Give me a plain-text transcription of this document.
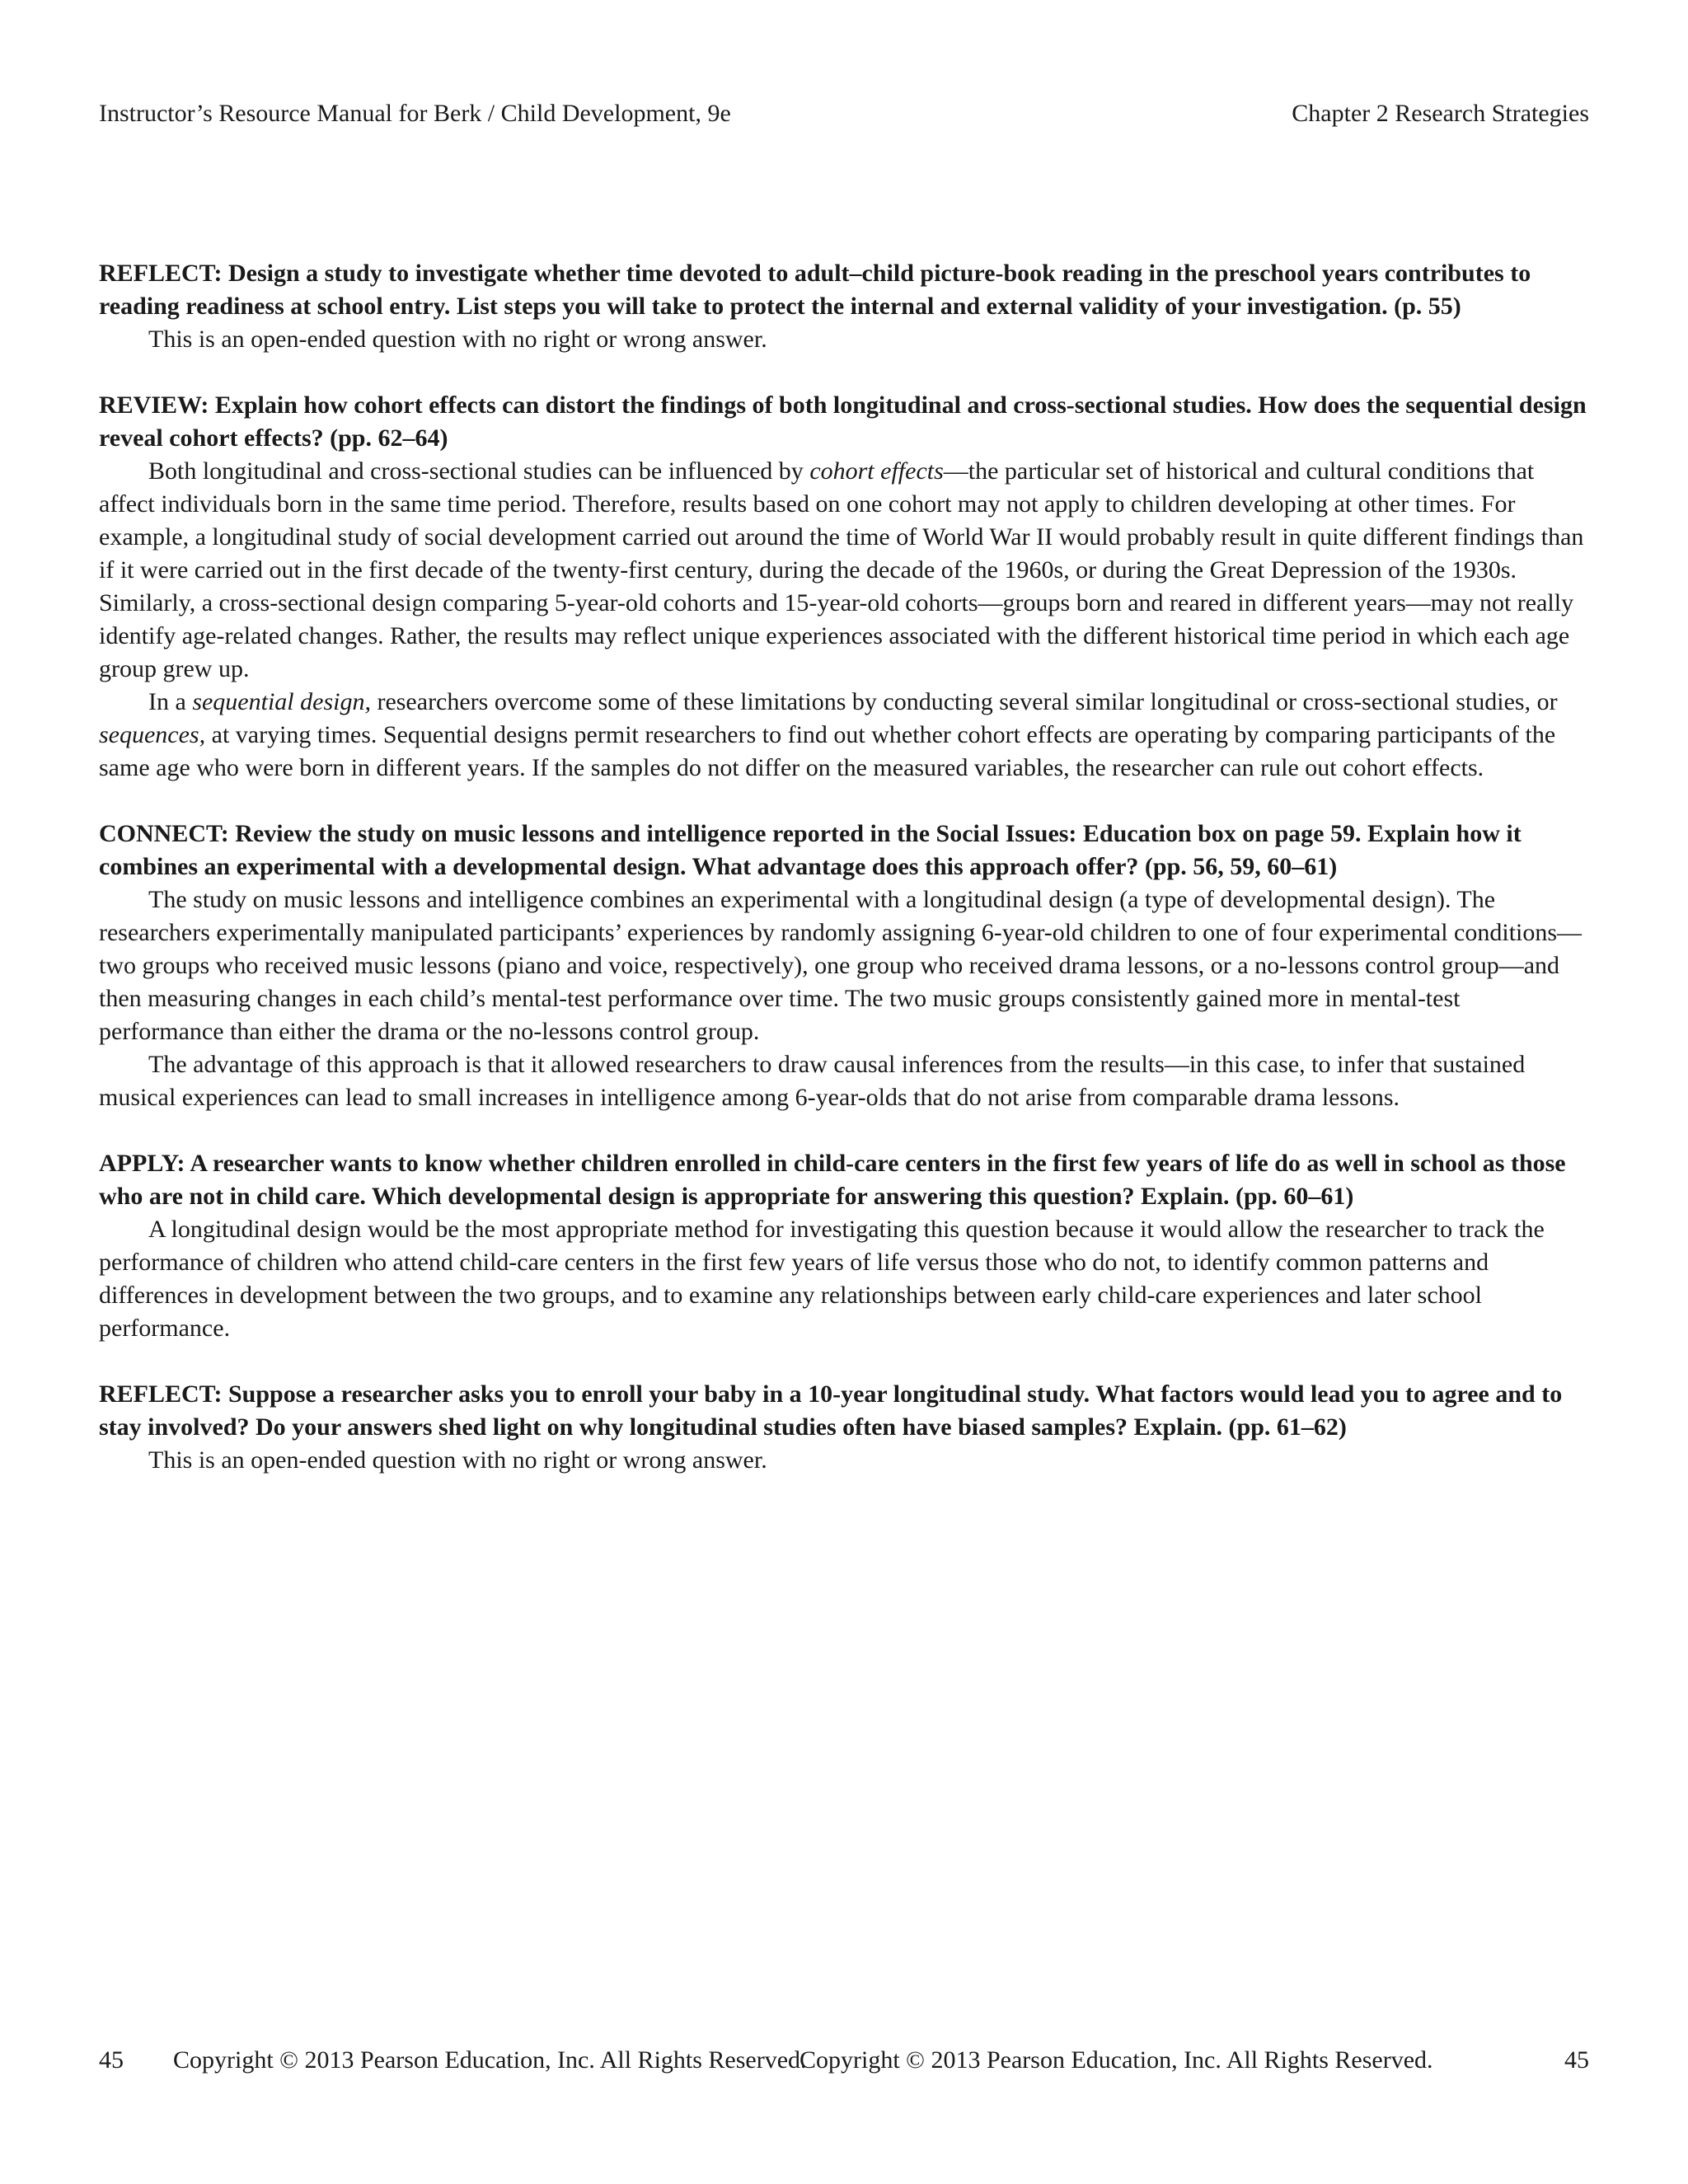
Instructor’s Resource Manual for Berk / Child Development, 9e	Chapter 2 Research Strategies

REFLECT: Design a study to investigate whether time devoted to adult–child picture-book reading in the preschool years contributes to reading readiness at school entry. List steps you will take to protect the internal and external validity of your investigation. (p. 55)

This is an open-ended question with no right or wrong answer.

REVIEW: Explain how cohort effects can distort the findings of both longitudinal and cross-sectional studies. How does the sequential design reveal cohort effects? (pp. 62–64)

Both longitudinal and cross-sectional studies can be influenced by cohort effects—the particular set of historical and cultural conditions that affect individuals born in the same time period. Therefore, results based on one cohort may not apply to children developing at other times. For example, a longitudinal study of social development carried out around the time of World War II would probably result in quite different findings than if it were carried out in the first decade of the twenty-first century, during the decade of the 1960s, or during the Great Depression of the 1930s. Similarly, a cross-sectional design comparing 5-year-old cohorts and 15-year-old cohorts—groups born and reared in different years—may not really identify age-related changes. Rather, the results may reflect unique experiences associated with the different historical time period in which each age group grew up.

In a sequential design, researchers overcome some of these limitations by conducting several similar longitudinal or cross-sectional studies, or sequences, at varying times. Sequential designs permit researchers to find out whether cohort effects are operating by comparing participants of the same age who were born in different years. If the samples do not differ on the measured variables, the researcher can rule out cohort effects.

CONNECT: Review the study on music lessons and intelligence reported in the Social Issues: Education box on page 59. Explain how it combines an experimental with a developmental design. What advantage does this approach offer? (pp. 56, 59, 60–61)

The study on music lessons and intelligence combines an experimental with a longitudinal design (a type of developmental design). The researchers experimentally manipulated participants’ experiences by randomly assigning 6-year-old children to one of four experimental conditions—two groups who received music lessons (piano and voice, respectively), one group who received drama lessons, or a no-lessons control group—and then measuring changes in each child’s mental-test performance over time. The two music groups consistently gained more in mental-test performance than either the drama or the no-lessons control group.

The advantage of this approach is that it allowed researchers to draw causal inferences from the results—in this case, to infer that sustained musical experiences can lead to small increases in intelligence among 6-year-olds that do not arise from comparable drama lessons.

APPLY: A researcher wants to know whether children enrolled in child-care centers in the first few years of life do as well in school as those who are not in child care. Which developmental design is appropriate for answering this question? Explain. (pp. 60–61)

A longitudinal design would be the most appropriate method for investigating this question because it would allow the researcher to track the performance of children who attend child-care centers in the first few years of life versus those who do not, to identify common patterns and differences in development between the two groups, and to examine any relationships between early child-care experiences and later school performance.

REFLECT: Suppose a researcher asks you to enroll your baby in a 10-year longitudinal study. What factors would lead you to agree and to stay involved? Do your answers shed light on why longitudinal studies often have biased samples? Explain. (pp. 61–62)

This is an open-ended question with no right or wrong answer.

45 Copyright © 2013 Pearson Education, Inc. All Rights Reserved.
Copyright © 2013 Pearson Education, Inc. All Rights Reserved.	45
